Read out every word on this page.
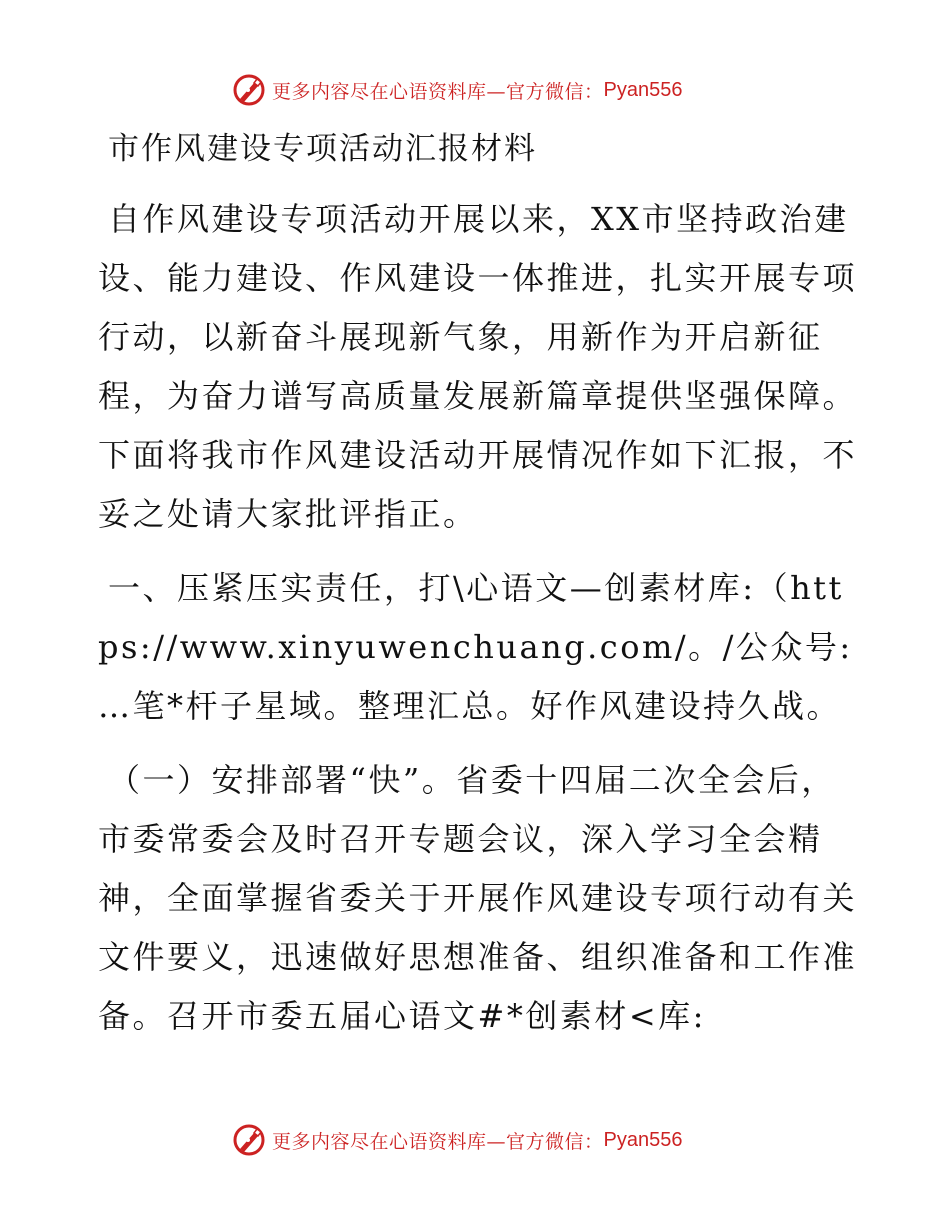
更多内容尽在心语资料库—官方微信： Pyan556
市作风建设专项活动汇报材料

自作风建设专项活动开展以来，XX市坚持政治建设、能力建设、作风建设一体推进，扎实开展专项行动，以新奋斗展现新气象，用新作为开启新征程，为奋力谱写高质量发展新篇章提供坚强保障。下面将我市作风建设活动开展情况作如下汇报，不妥之处请大家批评指正。

一、压紧压实责任，打\心语文—创素材库:（https://www.xinyuwenchuang.com/。/公众号: …笔*杆子星域。整理汇总。好作风建设持久战。

（一）安排部署“快”。省委十四届二次全会后，市委常委会及时召开专题会议，深入学习全会精神，全面掌握省委关于开展作风建设专项行动有关文件要义，迅速做好思想准备、组织准备和工作准备。召开市委五届心语文#*创素材<库:

更多内容尽在心语资料库—官方微信： Pyan556
